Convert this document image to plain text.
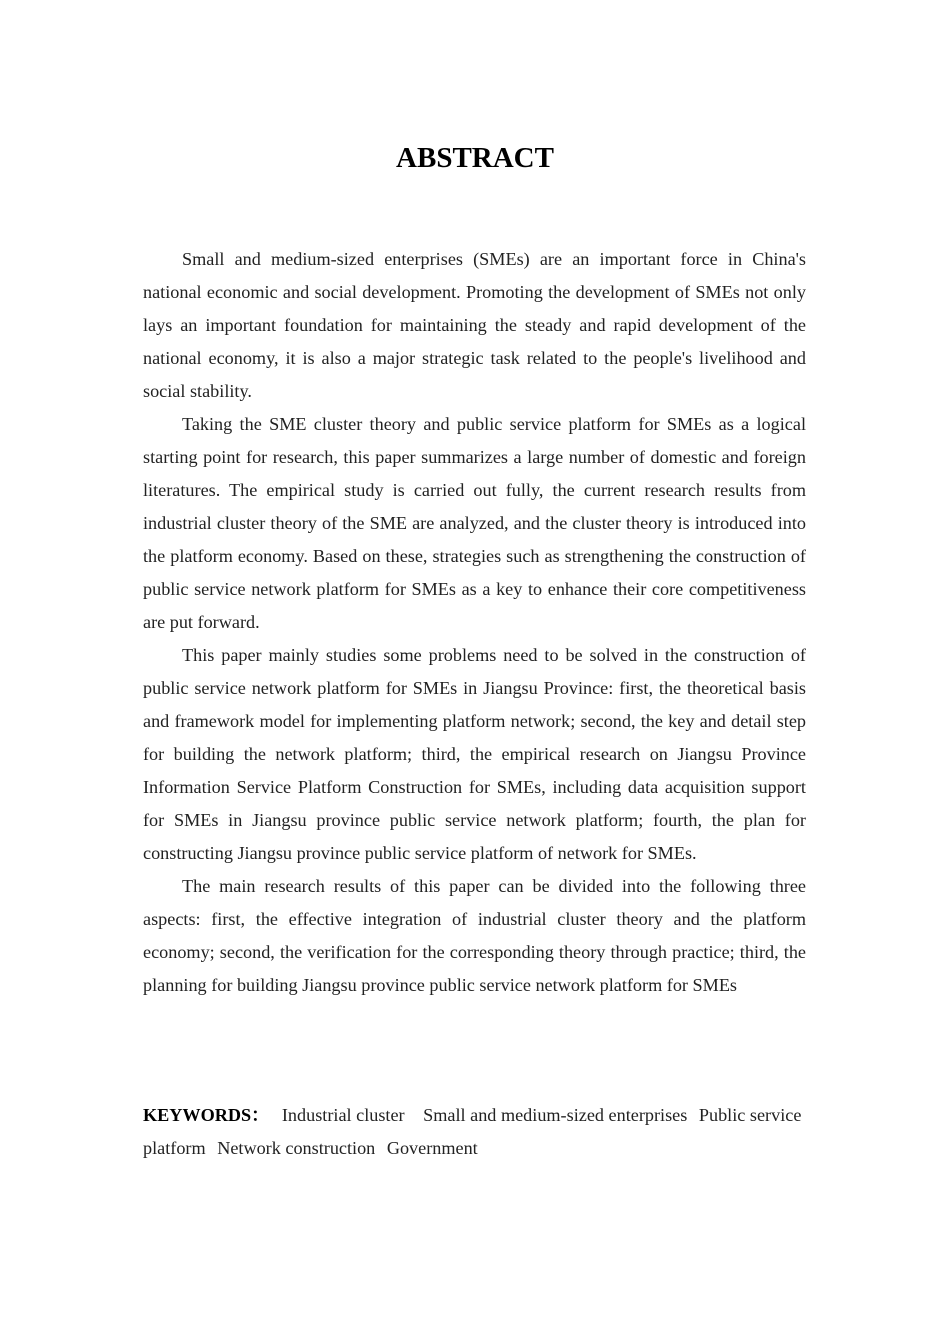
ABSTRACT

Small and medium-sized enterprises (SMEs) are an important force in China's national economic and social development. Promoting the development of SMEs not only lays an important foundation for maintaining the steady and rapid development of the national economy, it is also a major strategic task related to the people's livelihood and social stability.

Taking the SME cluster theory and public service platform for SMEs as a logical starting point for research, this paper summarizes a large number of domestic and foreign literatures. The empirical study is carried out fully, the current research results from industrial cluster theory of the SME are analyzed, and the cluster theory is introduced into the platform economy. Based on these, strategies such as strengthening the construction of public service network platform for SMEs as a key to enhance their core competitiveness are put forward.

This paper mainly studies some problems need to be solved in the construction of public service network platform for SMEs in Jiangsu Province: first, the theoretical basis and framework model for implementing platform network; second, the key and detail step for building the network platform; third, the empirical research on Jiangsu Province Information Service Platform Construction for SMEs, including data acquisition support for SMEs in Jiangsu province public service network platform; fourth, the plan for constructing Jiangsu province public service platform of network for SMEs.

The main research results of this paper can be divided into the following three aspects: first, the effective integration of industrial cluster theory and the platform economy; second, the verification for the corresponding theory through practice; third, the planning for building Jiangsu province public service network platform for SMEs

KEYWORDS： Industrial cluster Small and medium-sized enterprises Public service platform Network construction Government
